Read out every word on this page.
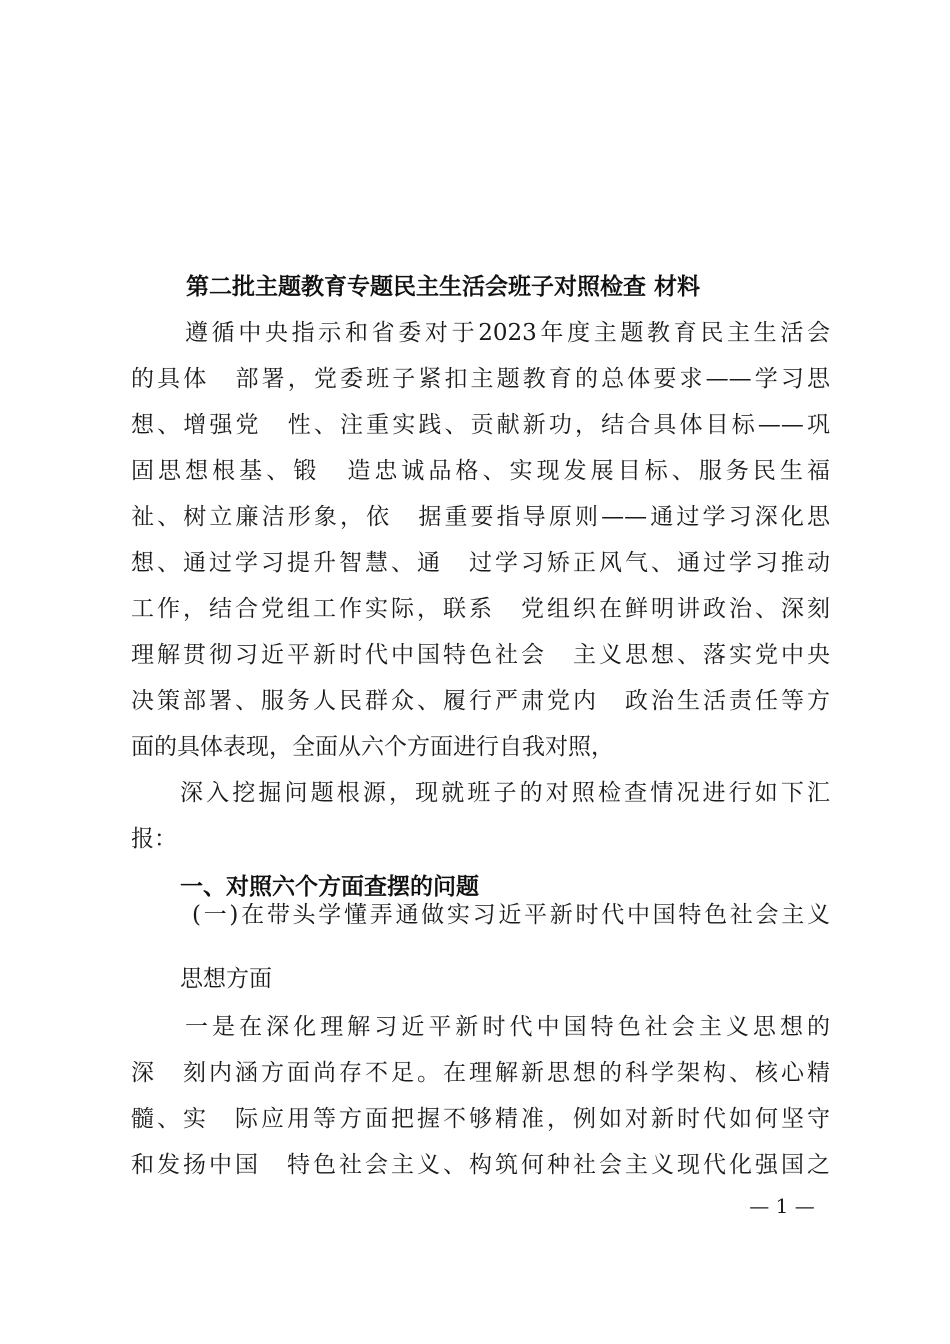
第二批主题教育专题民主生活会班子对照检查 材料
遵循中央指示和省委对于2023年度主题教育民主生活会
的具体　部署，党委班子紧扣主题教育的总体要求——学习思
想、增强党　性、注重实践、贡献新功，结合具体目标——巩
固思想根基、锻　造忠诚品格、实现发展目标、服务民生福
祉、树立廉洁形象，依　据重要指导原则——通过学习深化思
想、通过学习提升智慧、通　过学习矫正风气、通过学习推动
工作，结合党组工作实际，联系　党组织在鲜明讲政治、深刻
理解贯彻习近平新时代中国特色社会　主义思想、落实党中央
决策部署、服务人民群众、履行严肃党内　政治生活责任等方
面的具体表现，全面从六个方面进行自我对照，
深入挖掘问题根源，现就班子的对照检查情况进行如下汇
报：
一、对照六个方面查摆的问题
(一)在带头学懂弄通做实习近平新时代中国特色社会主义
思想方面
一是在深化理解习近平新时代中国特色社会主义思想的
深　刻内涵方面尚存不足。在理解新思想的科学架构、核心精
髓、实　际应用等方面把握不够精准，例如对新时代如何坚守
和发扬中国　特色社会主义、构筑何种社会主义现代化强国之
— 1 —
